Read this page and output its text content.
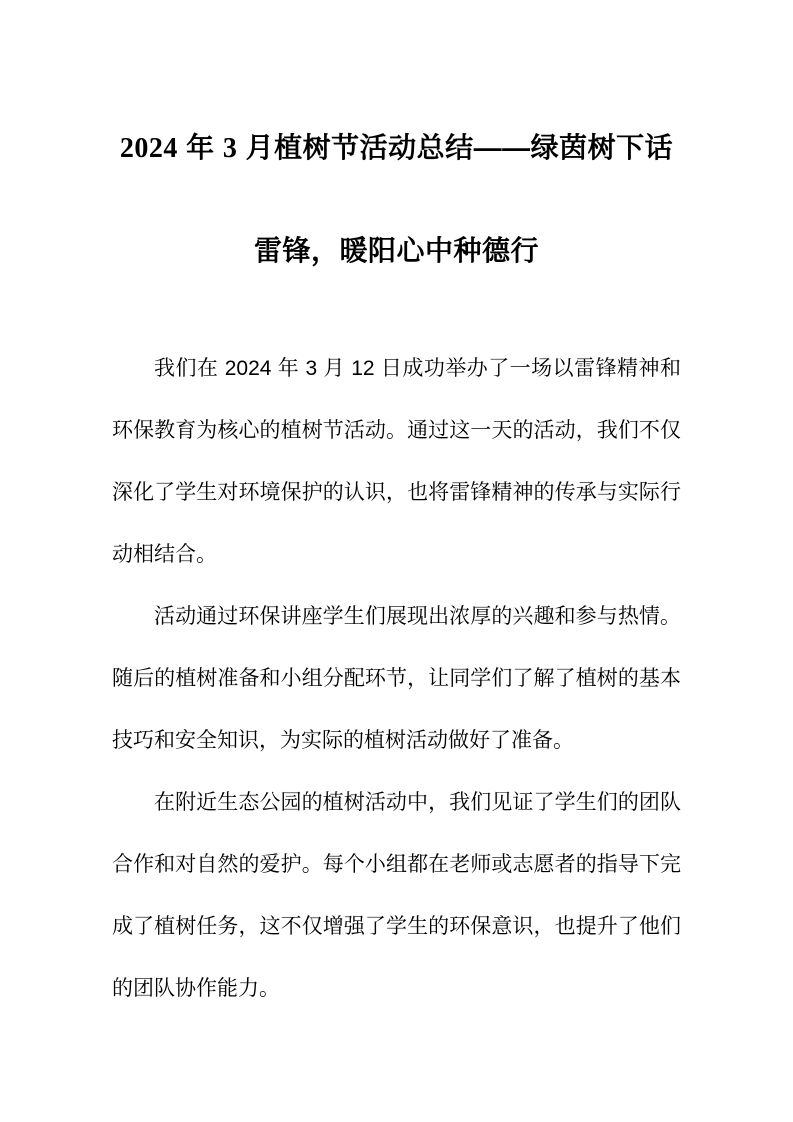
2024 年 3 月植树节活动总结——绿茵树下话
雷锋，暖阳心中种德行

我们在 2024 年 3 月 12 日成功举办了一场以雷锋精神和环保教育为核心的植树节活动。通过这一天的活动，我们不仅深化了学生对环境保护的认识，也将雷锋精神的传承与实际行动相结合。

活动通过环保讲座学生们展现出浓厚的兴趣和参与热情。随后的植树准备和小组分配环节，让同学们了解了植树的基本技巧和安全知识，为实际的植树活动做好了准备。

在附近生态公园的植树活动中，我们见证了学生们的团队合作和对自然的爱护。每个小组都在老师或志愿者的指导下完成了植树任务，这不仅增强了学生的环保意识，也提升了他们的团队协作能力。
